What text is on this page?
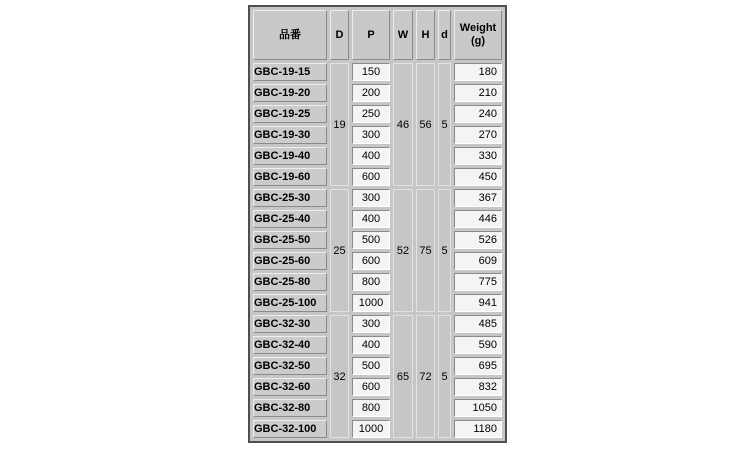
品番	D	P	W	H	d	Weight
(g)

GBC-19-15	19	150	46	56	5	180
GBC-19-20		200				210
GBC-19-25		250				240
GBC-19-30		300				270
GBC-19-40		400				330
GBC-19-60		600				450
GBC-25-30	25	300	52	75	5	367
GBC-25-40		400				446
GBC-25-50		500				526
GBC-25-60		600				609
GBC-25-80		800				775
GBC-25-100		1000				941
GBC-32-30	32	300	65	72	5	485
GBC-32-40		400				590
GBC-32-50		500				695
GBC-32-60		600				832
GBC-32-80		800				1050
GBC-32-100		1000				1180
